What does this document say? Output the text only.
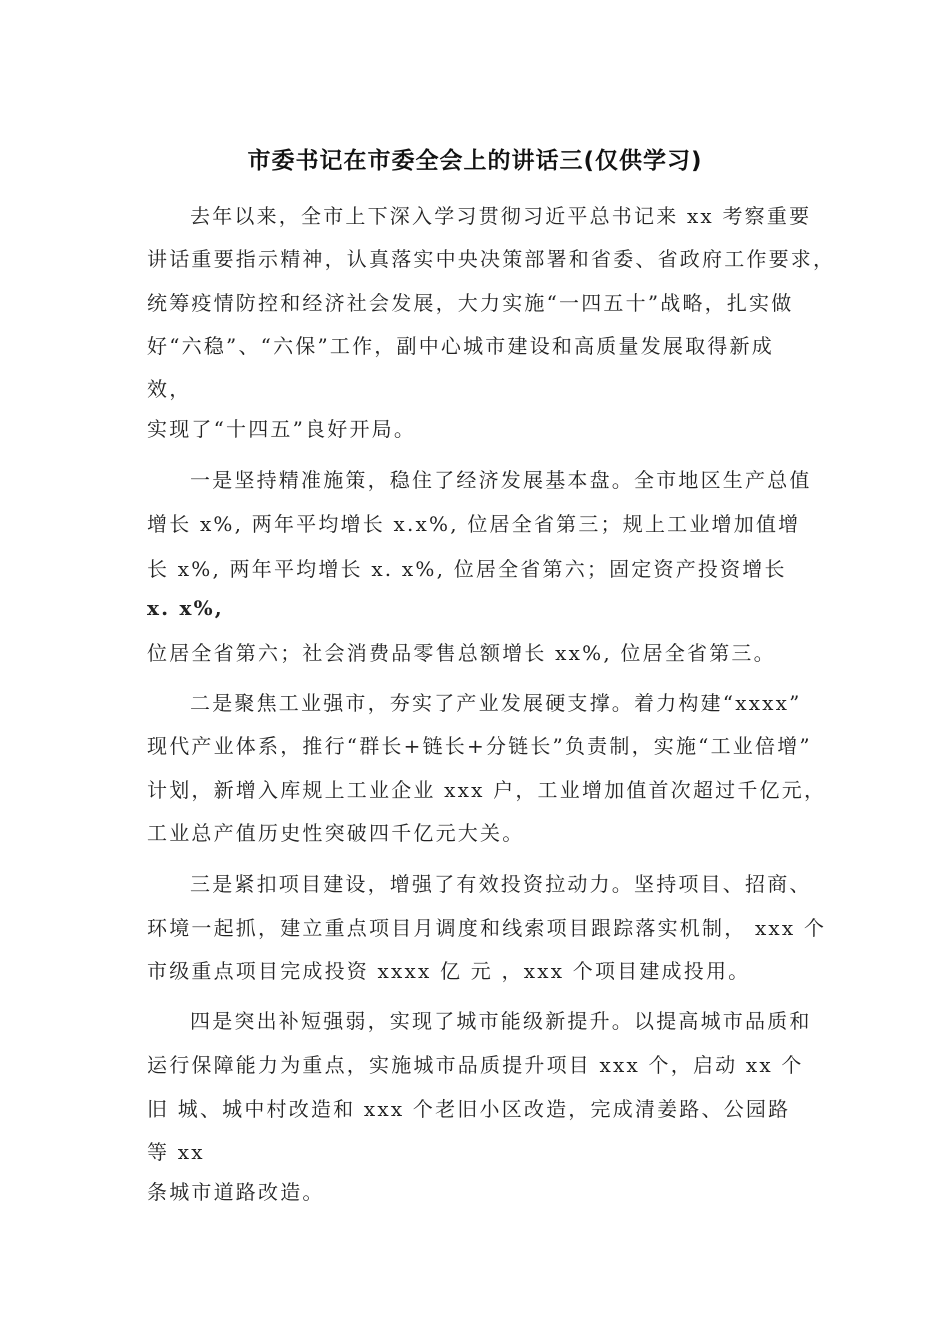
市委书记在市委全会上的讲话三(仅供学习)
去年以来，全市上下深入学习贯彻习近平总书记来 xx 考察重要
讲话重要指示精神，认真落实中央决策部署和省委、省政府工作要求，
统筹疫情防控和经济社会发展，大力实施“一四五十”战略，扎实做
好“六稳”、“六保”工作，副中心城市建设和高质量发展取得新成
效，
实现了“十四五”良好开局。
一是坚持精准施策，稳住了经济发展基本盘。全市地区生产总值
增长 x%, 两年平均增长 x.x%, 位居全省第三；规上工业增加值增
长 x%, 两年平均增长 x. x%, 位居全省第六；固定资产投资增长
x. x%,
位居全省第六；社会消费品零售总额增长 xx%, 位居全省第三。
二是聚焦工业强市，夯实了产业发展硬支撑。着力构建“xxxx”
现代产业体系，推行“群长+链长+分链长”负责制，实施“工业倍增”
计划，新增入库规上工业企业 xxx 户，工业增加值首次超过千亿元，
工业总产值历史性突破四千亿元大关。
三是紧扣项目建设，增强了有效投资拉动力。坚持项目、招商、
环境一起抓，建立重点项目月调度和线索项目跟踪落实机制， xxx 个
市级重点项目完成投资 xxxx 亿 元 ，xxx 个项目建成投用。
四是突出补短强弱，实现了城市能级新提升。以提高城市品质和
运行保障能力为重点，实施城市品质提升项目 xxx 个，启动 xx 个
旧 城、城中村改造和 xxx 个老旧小区改造，完成清姜路、公园路
等 xx
条城市道路改造。
